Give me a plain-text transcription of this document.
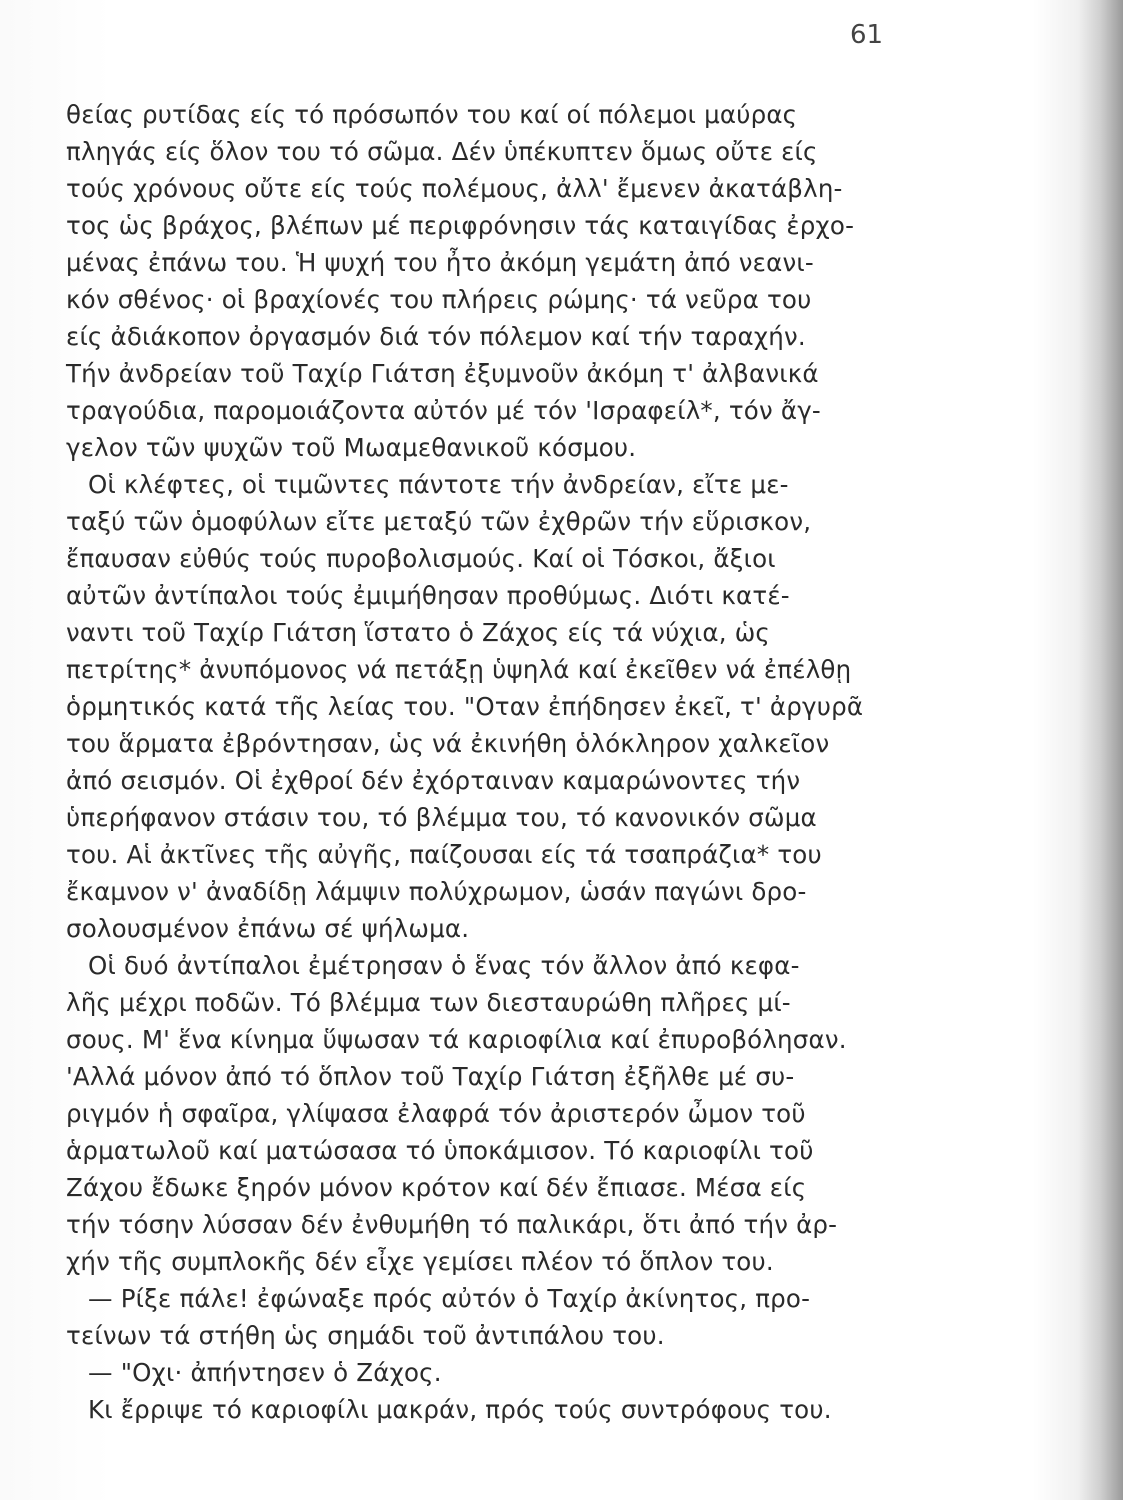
61
θείας ρυτίδας είς τό πρόσωπόν του καί οί πόλεμοι μαύρας
πληγάς είς ὅλον του τό σῶμα. Δέν ὑπέκυπτεν ὅμως οὔτε είς
τούς χρόνους οὔτε είς τούς πολέμους, ἀλλ' ἔμενεν ἀκατάβλη-
τος ὡς βράχος, βλέπων μέ περιφρόνησιν τάς καταιγίδας ἐρχο-
μένας ἐπάνω του. Ἡ ψυχή του ἦτο ἀκόμη γεμάτη ἀπό νεανι-
κόν σθένος· οἱ βραχίονές του πλήρεις ρώμης· τά νεῦρα του
είς ἀδιάκοπον ὀργασμόν διά τόν πόλεμον καί τήν ταραχήν.
Τήν ἀνδρείαν τοῦ Ταχίρ Γιάτση ἐξυμνοῦν ἀκόμη τ' ἀλβανικά
τραγούδια, παρομοιάζοντα αὐτόν μέ τόν 'Ισραφείλ*, τόν ἄγ-
γελον τῶν ψυχῶν τοῦ Μωαμεθανικοῦ κόσμου.
Οἱ κλέφτες, οἱ τιμῶντες πάντοτε τήν ἀνδρείαν, εἴτε με-
ταξύ τῶν ὁμοφύλων εἴτε μεταξύ τῶν ἐχθρῶν τήν εὕρισκον,
ἔπαυσαν εὐθύς τούς πυροβολισμούς. Καί οἱ Τόσκοι, ἄξιοι
αὐτῶν ἀντίπαλοι τούς ἐμιμήθησαν προθύμως. Διότι κατέ-
ναντι τοῦ Ταχίρ Γιάτση ἵστατο ὁ Ζάχος είς τά νύχια, ὡς
πετρίτης* ἀνυπόμονος νά πετάξῃ ὑψηλά καί ἐκεῖθεν νά ἐπέλθῃ
ὁρμητικός κατά τῆς λείας του. "Οταν ἐπήδησεν ἐκεῖ, τ' ἀργυρᾶ
του ἅρματα ἐβρόντησαν, ὡς νά ἐκινήθη ὁλόκληρον χαλκεῖον
ἀπό σεισμόν. Οἱ ἐχθροί δέν ἐχόρταιναν καμαρώνοντες τήν
ὑπερήφανον στάσιν του, τό βλέμμα του, τό κανονικόν σῶμα
του. Αἱ ἀκτῖνες τῆς αὐγῆς, παίζουσαι είς τά τσαπράζια* του
ἔκαμνον ν' ἀναδίδῃ λάμψιν πολύχρωμον, ὡσάν παγώνι δρο-
σολουσμένον ἐπάνω σέ ψήλωμα.
Οἱ δυό ἀντίπαλοι ἐμέτρησαν ὁ ἕνας τόν ἄλλον ἀπό κεφα-
λῆς μέχρι ποδῶν. Τό βλέμμα των διεσταυρώθη πλῆρες μί-
σους. Μ' ἕνα κίνημα ὕψωσαν τά καριοφίλια καί ἐπυροβόλησαν.
'Αλλά μόνον ἀπό τό ὅπλον τοῦ Ταχίρ Γιάτση ἐξῆλθε μέ συ-
ριγμόν ἡ σφαῖρα, γλίψασα ἐλαφρά τόν ἀριστερόν ὦμον τοῦ
ἁρματωλοῦ καί ματώσασα τό ὑποκάμισον. Τό καριοφίλι τοῦ
Ζάχου ἔδωκε ξηρόν μόνον κρότον καί δέν ἔπιασε. Μέσα είς
τήν τόσην λύσσαν δέν ἐνθυμήθη τό παλικάρι, ὅτι ἀπό τήν ἀρ-
χήν τῆς συμπλοκῆς δέν εἶχε γεμίσει πλέον τό ὅπλον του.
— Ρίξε πάλε! ἐφώναξε πρός αὐτόν ὁ Ταχίρ ἀκίνητος, προ-
τείνων τά στήθη ὡς σημάδι τοῦ ἀντιπάλου του.
— "Οχι· ἀπήντησεν ὁ Ζάχος.
Κι ἔρριψε τό καριοφίλι μακράν, πρός τούς συντρόφους του.
